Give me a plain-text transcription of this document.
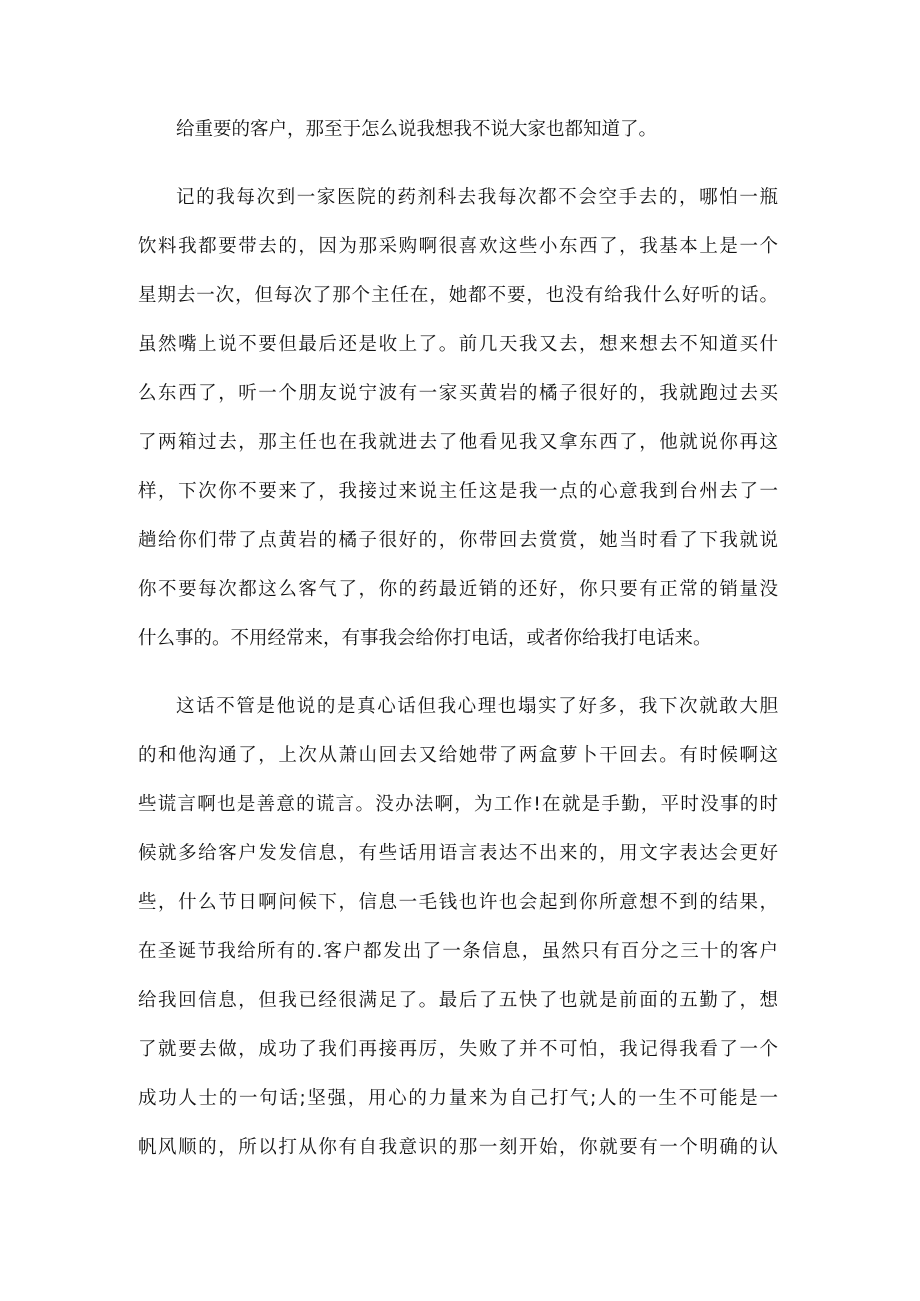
给重要的客户，那至于怎么说我想我不说大家也都知道了。
记的我每次到一家医院的药剂科去我每次都不会空手去的，哪怕一瓶
饮料我都要带去的，因为那采购啊很喜欢这些小东西了，我基本上是一个
星期去一次，但每次了那个主任在，她都不要，也没有给我什么好听的话。
虽然嘴上说不要但最后还是收上了。前几天我又去，想来想去不知道买什
么东西了，听一个朋友说宁波有一家买黄岩的橘子很好的，我就跑过去买
了两箱过去，那主任也在我就进去了他看见我又拿东西了，他就说你再这
样，下次你不要来了，我接过来说主任这是我一点的心意我到台州去了一
趟给你们带了点黄岩的橘子很好的，你带回去赏赏，她当时看了下我就说
你不要每次都这么客气了，你的药最近销的还好，你只要有正常的销量没
什么事的。不用经常来，有事我会给你打电话，或者你给我打电话来。
这话不管是他说的是真心话但我心理也塌实了好多，我下次就敢大胆
的和他沟通了，上次从萧山回去又给她带了两盒萝卜干回去。有时候啊这
些谎言啊也是善意的谎言。没办法啊，为工作!在就是手勤，平时没事的时
候就多给客户发发信息，有些话用语言表达不出来的，用文字表达会更好
些，什么节日啊问候下，信息一毛钱也许也会起到你所意想不到的结果，
在圣诞节我给所有的.客户都发出了一条信息，虽然只有百分之三十的客户
给我回信息，但我已经很满足了。最后了五快了也就是前面的五勤了，想
了就要去做，成功了我们再接再厉，失败了并不可怕，我记得我看了一个
成功人士的一句话;坚强，用心的力量来为自己打气;人的一生不可能是一
帆风顺的，所以打从你有自我意识的那一刻开始，你就要有一个明确的认
